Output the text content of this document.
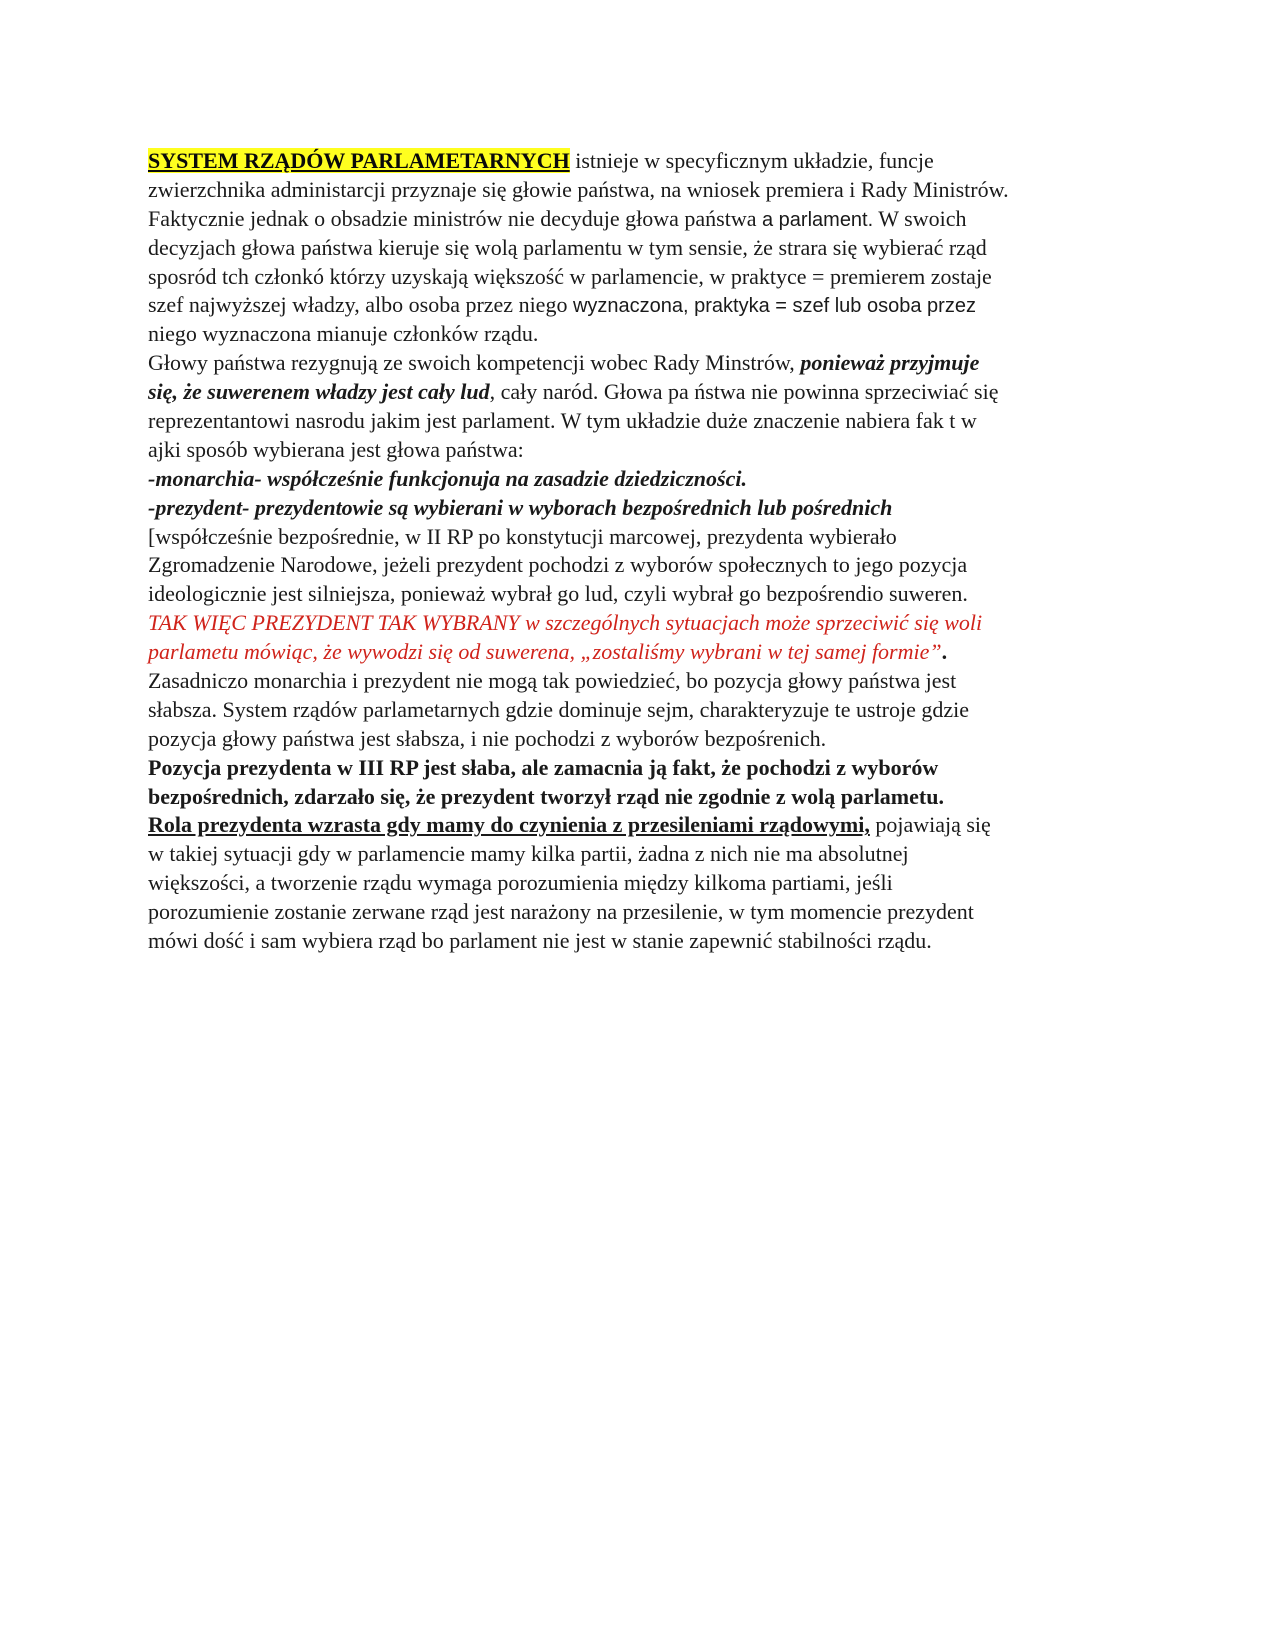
SYSTEM RZĄDÓW PARLAMETARNYCH istnieje w specyficznym układzie, funcje
zwierzchnika administarcji przyznaje się głowie państwa, na wniosek premiera i Rady Ministrów.
Faktycznie jednak o obsadzie ministrów nie decyduje głowa państwa a parlament. W swoich
decyzjach głowa państwa kieruje się wolą parlamentu w tym sensie, że strara się wybierać rząd
sposród tch członkó którzy uzyskają większość w parlamencie, w praktyce = premierem zostaje
szef najwyższej władzy, albo osoba przez niego wyznaczona, praktyka = szef lub osoba przez
niego wyznaczona mianuje członków rządu.
Głowy państwa rezygnują ze swoich kompetencji wobec Rady Minstrów, ponieważ przyjmuje
się, że suwerenem władzy jest cały lud, cały naród. Głowa pa ństwa nie powinna sprzeciwiać się
reprezentantowi nasrodu jakim jest parlament. W tym układzie duże znaczenie nabiera fak t w
ajki sposób wybierana jest głowa państwa:
-monarchia- współcześnie funkcjonuja na zasadzie dziedziczności.
-prezydent- prezydentowie są wybierani w wyborach bezpośrednich lub pośrednich
[współcześnie bezpośrednie, w II RP po konstytucji marcowej, prezydenta wybierało
Zgromadzenie Narodowe, jeżeli prezydent pochodzi z wyborów społecznych to jego pozycja
ideologicznie jest silniejsza, ponieważ wybrał go lud, czyli wybrał go bezpośrendio suweren.
TAK WIĘC PREZYDENT TAK WYBRANY w szczególnych sytuacjach może sprzeciwić się woli
parlametu mówiąc, że wywodzi się od suwerena, „zostaliśmy wybrani w tej samej formie”.
Zasadniczo monarchia i prezydent nie mogą tak powiedzieć, bo pozycja głowy państwa jest
słabsza. System rządów parlametarnych gdzie dominuje sejm, charakteryzuje te ustroje gdzie
pozycja głowy państwa jest słabsza, i nie pochodzi z wyborów bezpośrenich.
Pozycja prezydenta w III RP jest słaba, ale zamacnia ją fakt, że pochodzi z wyborów
bezpośrednich, zdarzało się, że prezydent tworzył rząd nie zgodnie z wolą parlametu.
Rola prezydenta wzrasta gdy mamy do czynienia z przesileniami rządowymi, pojawiają się
w takiej sytuacji gdy w parlamencie mamy kilka partii, żadna z nich nie ma absolutnej
większości, a tworzenie rządu wymaga porozumienia między kilkoma partiami, jeśli
porozumienie zostanie zerwane rząd jest narażony na przesilenie, w tym momencie prezydent
mówi dość i sam wybiera rząd bo parlament nie jest w stanie zapewnić stabilności rządu.
